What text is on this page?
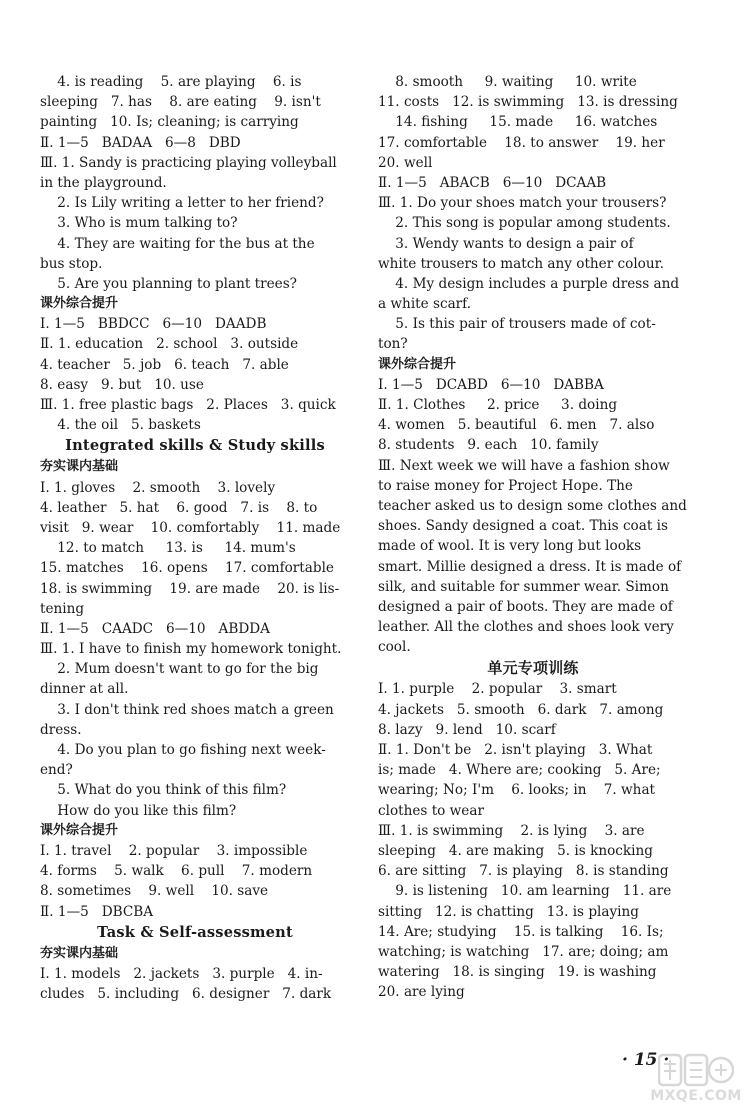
4. is reading    5. are playing    6. is
sleeping   7. has    8. are eating    9. isn't
painting   10. Is; cleaning; is carrying
Ⅱ. 1—5   BADAA   6—8   DBD
Ⅲ. 1. Sandy is practicing playing volleyball
in the playground.
2. Is Lily writing a letter to her friend?
3. Who is mum talking to?
4. They are waiting for the bus at the
bus stop.
5. Are you planning to plant trees?
课外综合提升
Ⅰ. 1—5   BBDCC   6—10   DAADB
Ⅱ. 1. education   2. school   3. outside
4. teacher   5. job   6. teach   7. able
8. easy   9. but   10. use
Ⅲ. 1. free plastic bags   2. Places   3. quick
4. the oil   5. baskets
Integrated skills & Study skills
夯实课内基础
Ⅰ. 1. gloves    2. smooth    3. lovely
4. leather   5. hat    6. good   7. is    8. to
visit   9. wear    10. comfortably    11. made
12. to match     13. is     14. mum's
15. matches    16. opens    17. comfortable
18. is swimming    19. are made    20. is lis-
tening
Ⅱ. 1—5   CAADC   6—10   ABDDA
Ⅲ. 1. I have to finish my homework tonight.
2. Mum doesn't want to go for the big
dinner at all.
3. I don't think red shoes match a green
dress.
4. Do you plan to go fishing next week-
end?
5. What do you think of this film?
How do you like this film?
课外综合提升
Ⅰ. 1. travel    2. popular    3. impossible
4. forms    5. walk    6. pull    7. modern
8. sometimes    9. well    10. save
Ⅱ. 1—5   DBCBA
Task & Self-assessment
夯实课内基础
Ⅰ. 1. models   2. jackets   3. purple   4. in-
cludes   5. including   6. designer   7. dark
8. smooth     9. waiting     10. write
11. costs   12. is swimming   13. is dressing
14. fishing     15. made     16. watches
17. comfortable    18. to answer    19. her
20. well
Ⅱ. 1—5   ABACB   6—10   DCAAB
Ⅲ. 1. Do your shoes match your trousers?
2. This song is popular among students.
3. Wendy wants to design a pair of
white trousers to match any other colour.
4. My design includes a purple dress and
a white scarf.
5. Is this pair of trousers made of cot-
ton?
课外综合提升
Ⅰ. 1—5   DCABD   6—10   DABBA
Ⅱ. 1. Clothes     2. price     3. doing
4. women   5. beautiful   6. men   7. also
8. students   9. each   10. family
Ⅲ. Next week we will have a fashion show
to raise money for Project Hope. The
teacher asked us to design some clothes and
shoes. Sandy designed a coat. This coat is
made of wool. It is very long but looks
smart. Millie designed a dress. It is made of
silk, and suitable for summer wear. Simon
designed a pair of boots. They are made of
leather. All the clothes and shoes look very
cool.
单元专项训练
Ⅰ. 1. purple    2. popular    3. smart
4. jackets   5. smooth   6. dark   7. among
8. lazy   9. lend   10. scarf
Ⅱ. 1. Don't be   2. isn't playing   3. What
is; made   4. Where are; cooking   5. Are;
wearing; No; I'm    6. looks; in    7. what
clothes to wear
Ⅲ. 1. is swimming    2. is lying    3. are
sleeping   4. are making   5. is knocking
6. are sitting   7. is playing   8. is standing
9. is listening   10. am learning   11. are
sitting   12. is chatting   13. is playing
14. Are; studying    15. is talking    16. Is;
watching; is watching   17. are; doing; am
watering   18. is singing   19. is washing
20. are lying
· 15 ·
MXQE.COM
